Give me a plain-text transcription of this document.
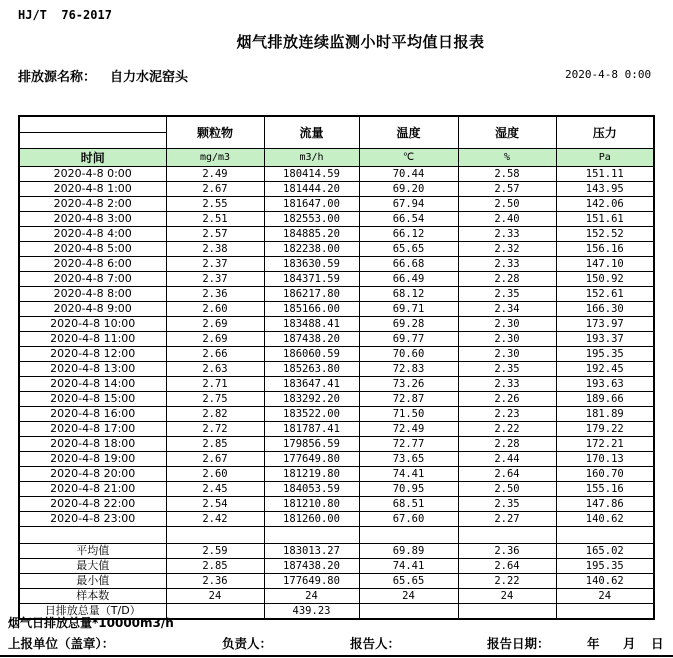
HJ/T  76-2017
烟气排放连续监测小时平均值日报表
排放源名称： 自力水泥窑头	2020-4-8 0:00
	颗粒物	流量	温度	湿度	压力

时间	mg/m3	m3/h	℃	%	Pa
2020-4-8 0:00	2.49	180414.59	70.44	2.58	151.11
2020-4-8 1:00	2.67	181444.20	69.20	2.57	143.95
2020-4-8 2:00	2.55	181647.00	67.94	2.50	142.06
2020-4-8 3:00	2.51	182553.00	66.54	2.40	151.61
2020-4-8 4:00	2.57	184885.20	66.12	2.33	152.52
2020-4-8 5:00	2.38	182238.00	65.65	2.32	156.16
2020-4-8 6:00	2.37	183630.59	66.68	2.33	147.10
2020-4-8 7:00	2.37	184371.59	66.49	2.28	150.92
2020-4-8 8:00	2.36	186217.80	68.12	2.35	152.61
2020-4-8 9:00	2.60	185166.00	69.71	2.34	166.30
2020-4-8 10:00	2.69	183488.41	69.28	2.30	173.97
2020-4-8 11:00	2.69	187438.20	69.77	2.30	193.37
2020-4-8 12:00	2.66	186060.59	70.60	2.30	195.35
2020-4-8 13:00	2.63	185263.80	72.83	2.35	192.45
2020-4-8 14:00	2.71	183647.41	73.26	2.33	193.63
2020-4-8 15:00	2.75	183292.20	72.87	2.26	189.66
2020-4-8 16:00	2.82	183522.00	71.50	2.23	181.89
2020-4-8 17:00	2.72	181787.41	72.49	2.22	179.22
2020-4-8 18:00	2.85	179856.59	72.77	2.28	172.21
2020-4-8 19:00	2.67	177649.80	73.65	2.44	170.13
2020-4-8 20:00	2.60	181219.80	74.41	2.64	160.70
2020-4-8 21:00	2.45	184053.59	70.95	2.50	155.16
2020-4-8 22:00	2.54	181210.80	68.51	2.35	147.86
2020-4-8 23:00	2.42	181260.00	67.60	2.27	140.62

平均值	2.59	183013.27	69.89	2.36	165.02
最大值	2.85	187438.20	74.41	2.64	195.35
最小值	2.36	177649.80	65.65	2.22	140.62
样本数	24	24	24	24	24
日排放总量（T/D）		439.23			
烟气日排放总量*10000m3/h
上报单位（盖章）：	负责人：	报告人：	报告日期：	年 月 日
